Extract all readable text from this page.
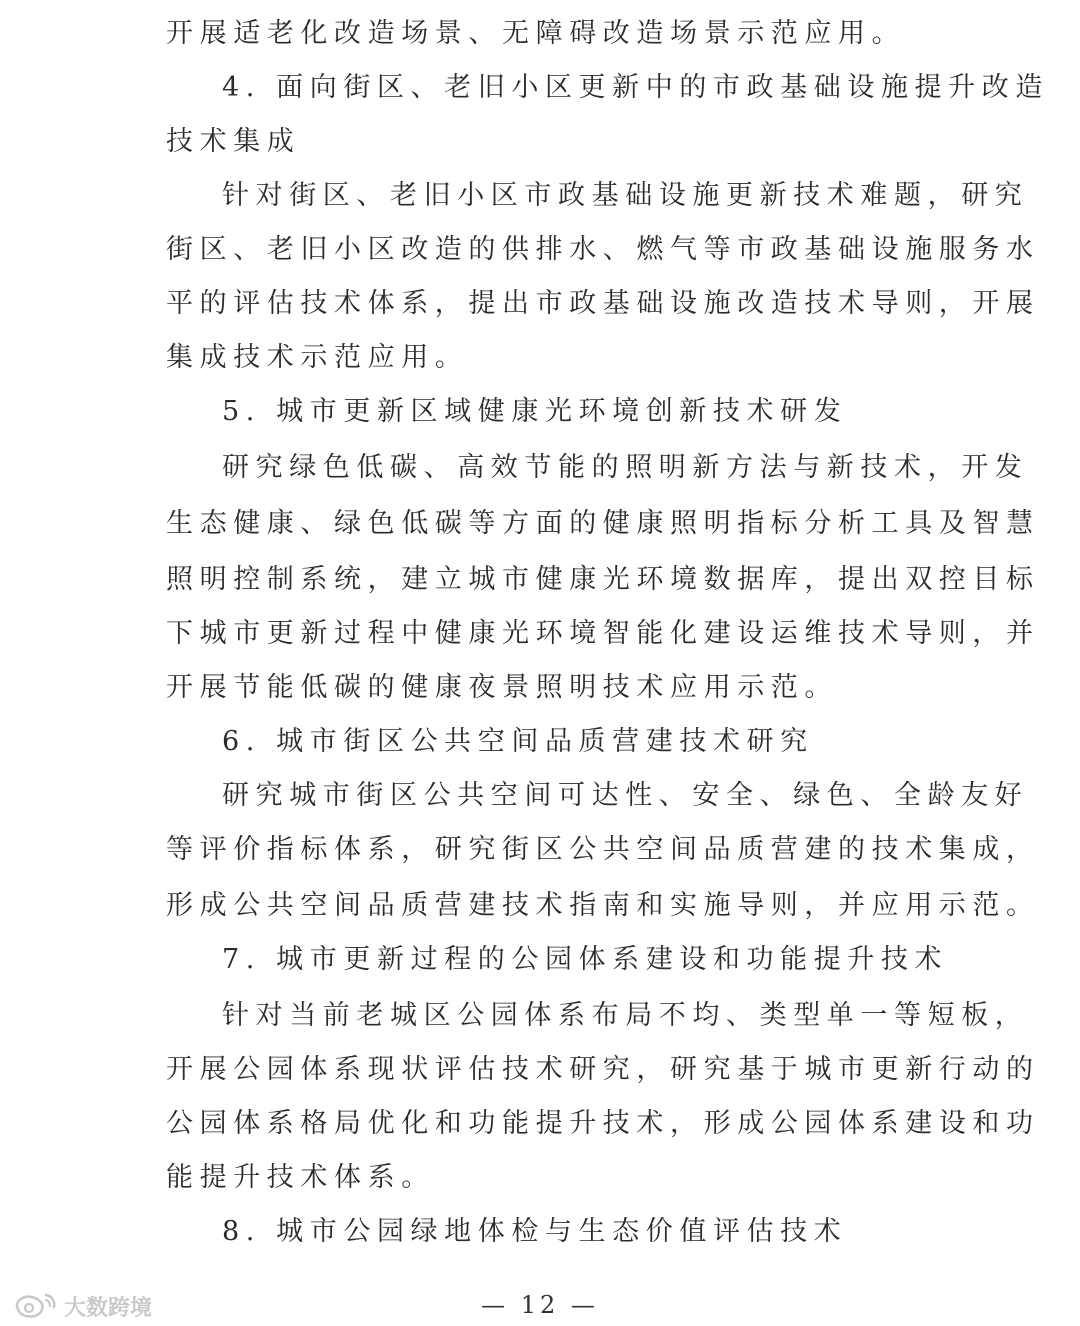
开展适老化改造场景、无障碍改造场景示范应用。
4. 面向街区、老旧小区更新中的市政基础设施提升改造
技术集成
针对街区、老旧小区市政基础设施更新技术难题，研究
街区、老旧小区改造的供排水、燃气等市政基础设施服务水
平的评估技术体系，提出市政基础设施改造技术导则，开展
集成技术示范应用。
5. 城市更新区域健康光环境创新技术研发
研究绿色低碳、高效节能的照明新方法与新技术，开发
生态健康、绿色低碳等方面的健康照明指标分析工具及智慧
照明控制系统，建立城市健康光环境数据库，提出双控目标
下城市更新过程中健康光环境智能化建设运维技术导则，并
开展节能低碳的健康夜景照明技术应用示范。
6. 城市街区公共空间品质营建技术研究
研究城市街区公共空间可达性、安全、绿色、全龄友好
等评价指标体系，研究街区公共空间品质营建的技术集成，
形成公共空间品质营建技术指南和实施导则，并应用示范。
7. 城市更新过程的公园体系建设和功能提升技术
针对当前老城区公园体系布局不均、类型单一等短板，
开展公园体系现状评估技术研究，研究基于城市更新行动的
公园体系格局优化和功能提升技术，形成公园体系建设和功
能提升技术体系。
8. 城市公园绿地体检与生态价值评估技术
— 12 —
大数跨境
